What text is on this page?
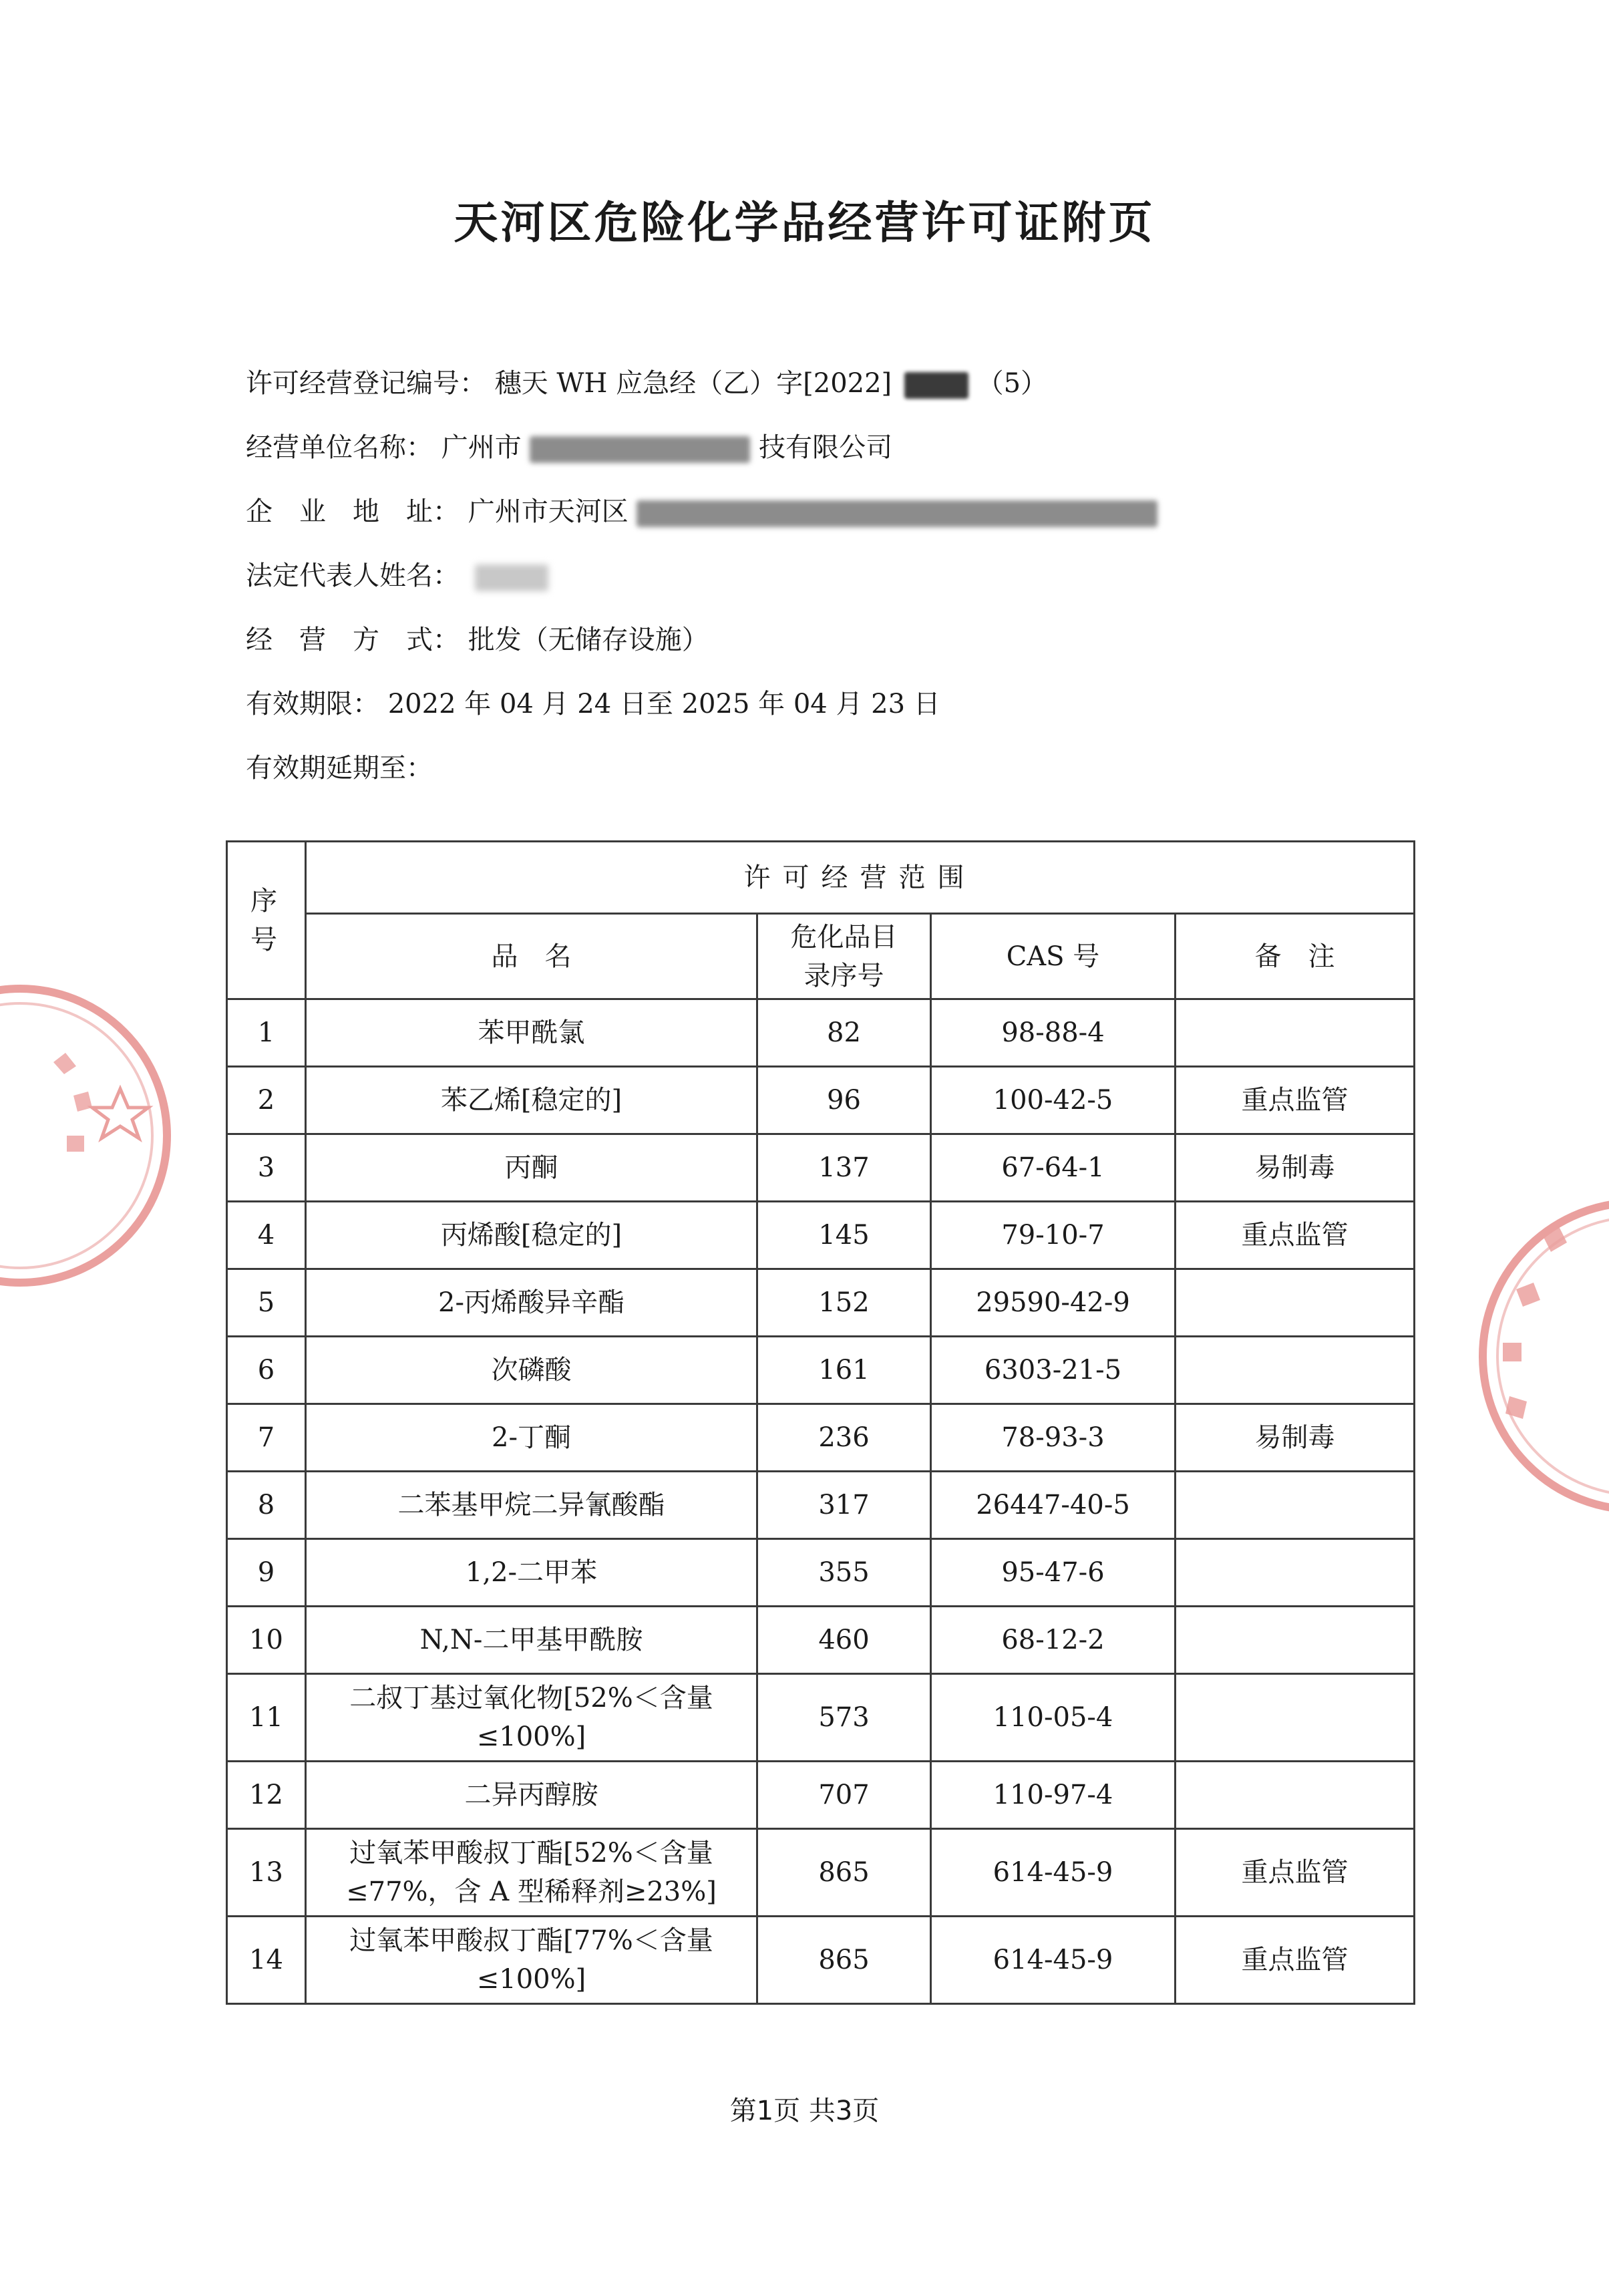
天河区危险化学品经营许可证附页
许可经营登记编号： 穗天 WH 应急经（乙）字[2022]	（5）
经营单位名称： 广州市	技有限公司
企　业　地　址： 广州市天河区
法定代表人姓名：
经　营　方　式： 批发（无储存设施）
有效期限： 2022 年 04 月 24 日至 2025 年 04 月 23 日
有效期延期至：
序号	许可经营范围			
	品　名	危化品目录序号	CAS 号	备　注
1	苯甲酰氯	82	98-88-4	
2	苯乙烯[稳定的]	96	100-42-5	重点监管
3	丙酮	137	67-64-1	易制毒
4	丙烯酸[稳定的]	145	79-10-7	重点监管
5	2-丙烯酸异辛酯	152	29590-42-9	
6	次磷酸	161	6303-21-5	
7	2-丁酮	236	78-93-3	易制毒
8	二苯基甲烷二异氰酸酯	317	26447-40-5	
9	1,2-二甲苯	355	95-47-6	
10	N,N-二甲基甲酰胺	460	68-12-2	
11	二叔丁基过氧化物[52%＜含量≤100%]	573	110-05-4	
12	二异丙醇胺	707	110-97-4	
13	过氧苯甲酸叔丁酯[52%＜含量≤77%，含 A 型稀释剂≥23%]	865	614-45-9	重点监管
14	过氧苯甲酸叔丁酯[77%＜含量≤100%]	865	614-45-9	重点监管
第1页 共3页
